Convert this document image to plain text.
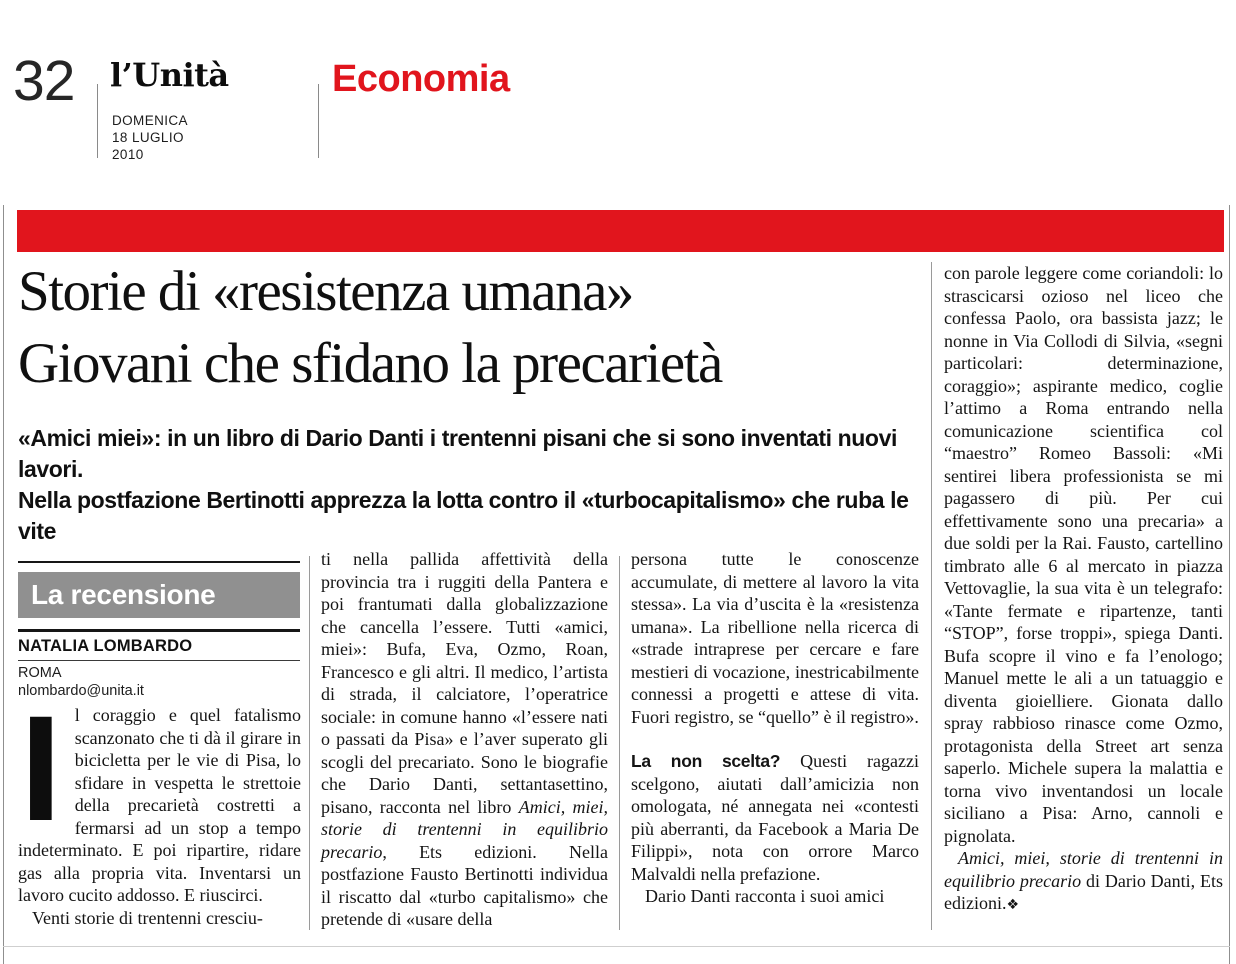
32 l’Unità
DOMENICA
18 LUGLIO
2010
Economia
Storie di «resistenza umana»
Giovani che sfidano la precarietà
«Amici miei»: in un libro di Dario Danti i trentenni pisani che si sono inventati nuovi lavori.
Nella postfazione Bertinotti apprezza la lotta contro il «turbocapitalismo» che ruba le vite
La recensione
NATALIA LOMBARDO
ROMA
nlombardo@unita.it

Il coraggio e quel fatalismo scanzonato che ti dà il girare in bicicletta per le vie di Pisa, lo sfidare in vespetta le strettoie della precarietà costretti a fermarsi ad un stop a tempo indeterminato. E poi ripartire, ridare gas alla propria vita. Inventarsi un lavoro cucito addosso. E riuscirci.

Venti storie di trentenni cresciu-

ti nella pallida affettività della provincia tra i ruggiti della Pantera e poi frantumati dalla globalizzazione che cancella l’essere. Tutti «amici, miei»: Bufa, Eva, Ozmo, Roan, Francesco e gli altri. Il medico, l’artista di strada, il calciatore, l’operatrice sociale: in comune hanno «l’essere nati o passati da Pisa» e l’aver superato gli scogli del precariato. Sono le biografie che Dario Danti, settantasettino, pisano, racconta nel libro Amici, miei, storie di trentenni in equilibrio precario, Ets edizioni. Nella postfazione Fausto Bertinotti individua il riscatto dal «turbo capitalismo» che pretende di «usare della

persona tutte le conoscenze accumulate, di mettere al lavoro la vita stessa». La via d’uscita è la «resistenza umana». La ribellione nella ricerca di «strade intraprese per cercare e fare mestieri di vocazione, inestricabilmente connessi a progetti e attese di vita. Fuori registro, se “quello” è il registro».

La non scelta? Questi ragazzi scelgono, aiutati dall’amicizia non omologata, né annegata nei «contesti più aberranti, da Facebook a Maria De Filippi», nota con orrore Marco Malvaldi nella prefazione.

Dario Danti racconta i suoi amici

con parole leggere come coriandoli: lo strascicarsi ozioso nel liceo che confessa Paolo, ora bassista jazz; le nonne in Via Collodi di Silvia, «segni particolari: determinazione, coraggio»; aspirante medico, coglie l’attimo a Roma entrando nella comunicazione scientifica col “maestro” Romeo Bassoli: «Mi sentirei libera professionista se mi pagassero di più. Per cui effettivamente sono una precaria» a due soldi per la Rai. Fausto, cartellino timbrato alle 6 al mercato in piazza Vettovaglie, la sua vita è un telegrafo: «Tante fermate e ripartenze, tanti “STOP”, forse troppi», spiega Danti. Bufa scopre il vino e fa l’enologo; Manuel mette le ali a un tatuaggio e diventa gioielliere. Gionata dallo spray rabbioso rinasce come Ozmo, protagonista della Street art senza saperlo. Michele supera la malattia e torna vivo inventandosi un locale siciliano a Pisa: Arno, cannoli e pignolata.

Amici, miei, storie di trentenni in equilibrio precario di Dario Danti, Ets edizioni.❖
